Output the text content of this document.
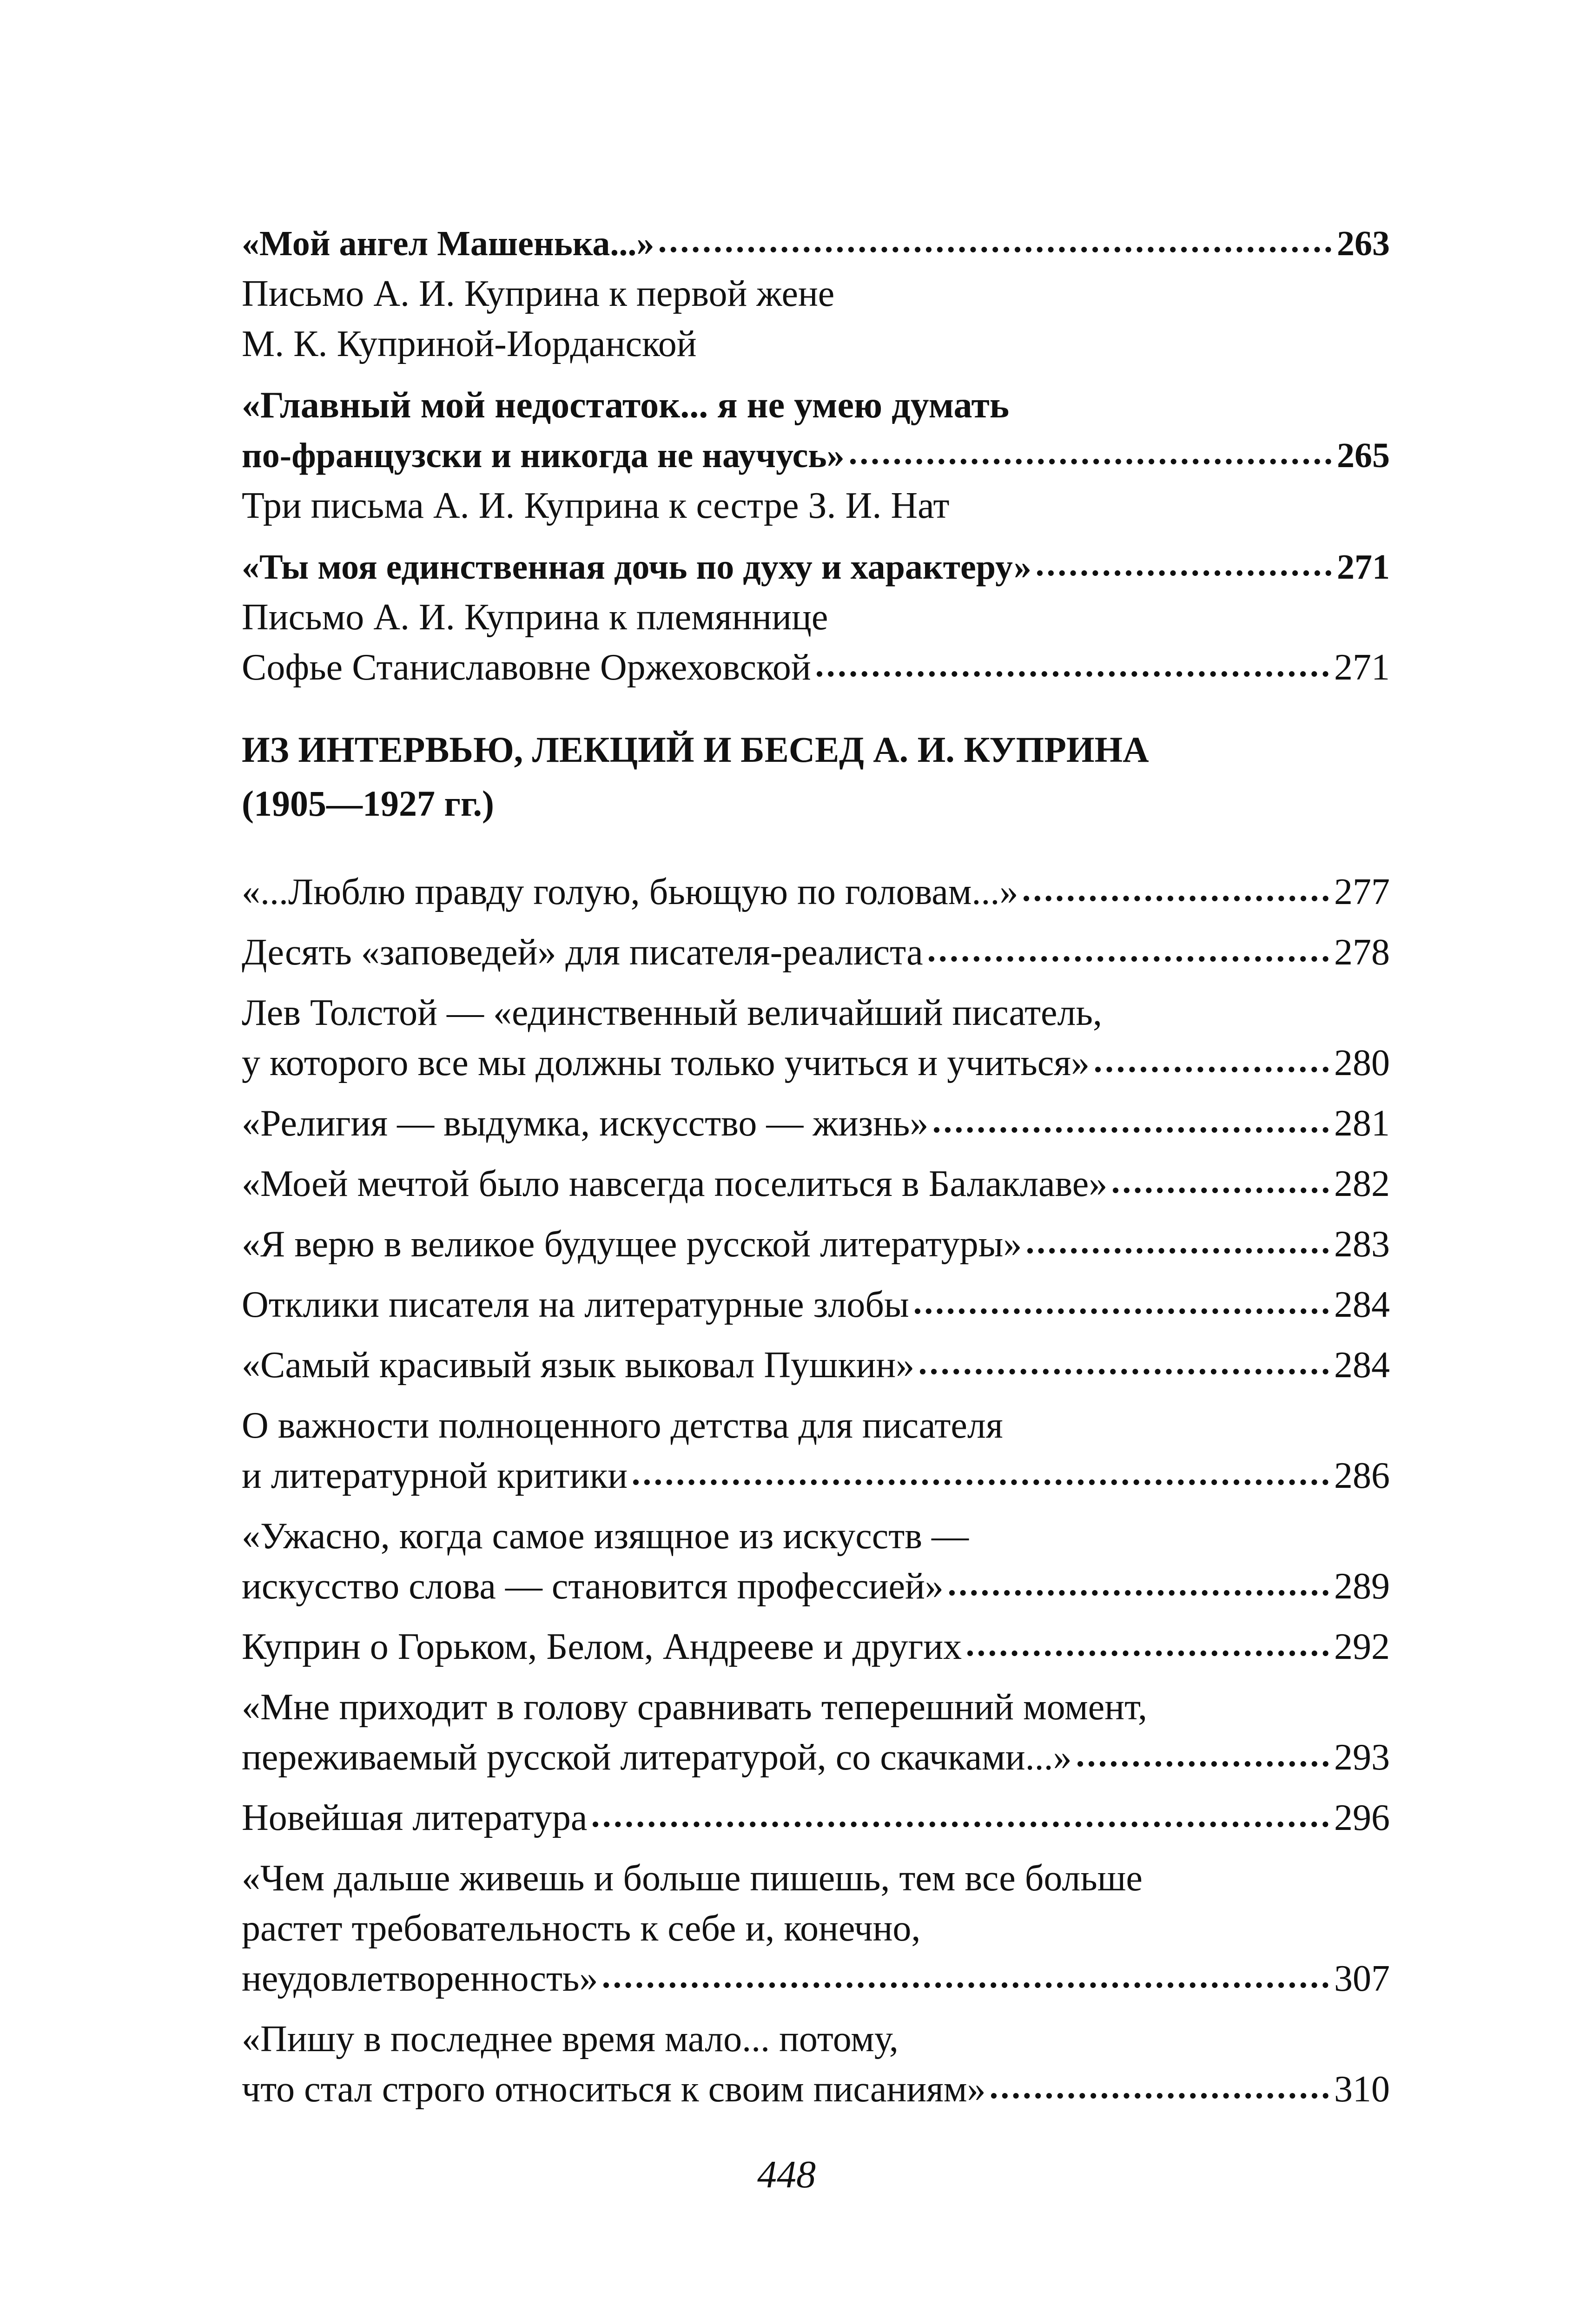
«Мой ангел Машенька...»	263
Письмо А. И. Куприна к первой жене
М. К. Куприной-Иорданской
«Главный мой недостаток... я не умею думать
по-французски и никогда не научусь»	265
Три письма А. И. Куприна к сестре З. И. Нат
«Ты моя единственная дочь по духу и характеру»	271
Письмо А. И. Куприна к племяннице
Софье Станиславовне Оржеховской	271
ИЗ ИНТЕРВЬЮ, ЛЕКЦИЙ И БЕСЕД А. И. КУПРИНА
(1905—1927 гг.)
«...Люблю правду голую, бьющую по головам...»	277
Десять «заповедей» для писателя-реалиста	278
Лев Толстой — «единственный величайший писатель,
у которого все мы должны только учиться и учиться»	280
«Религия — выдумка, искусство — жизнь»	281
«Моей мечтой было навсегда поселиться в Балаклаве»	282
«Я верю в великое будущее русской литературы»	283
Отклики писателя на литературные злобы	284
«Самый красивый язык выковал Пушкин»	284
О важности полноценного детства для писателя
и литературной критики	286
«Ужасно, когда самое изящное из искусств —
искусство слова — становится профессией»	289
Куприн о Горьком, Белом, Андрееве и других	292
«Мне приходит в голову сравнивать теперешний момент,
переживаемый русской литературой, со скачками...»	293
Новейшая литература	296
«Чем дальше живешь и больше пишешь, тем все больше
растет требовательность к себе и, конечно,
неудовлетворенность»	307
«Пишу в последнее время мало... потому,
что стал строго относиться к своим писаниям»	310
448
